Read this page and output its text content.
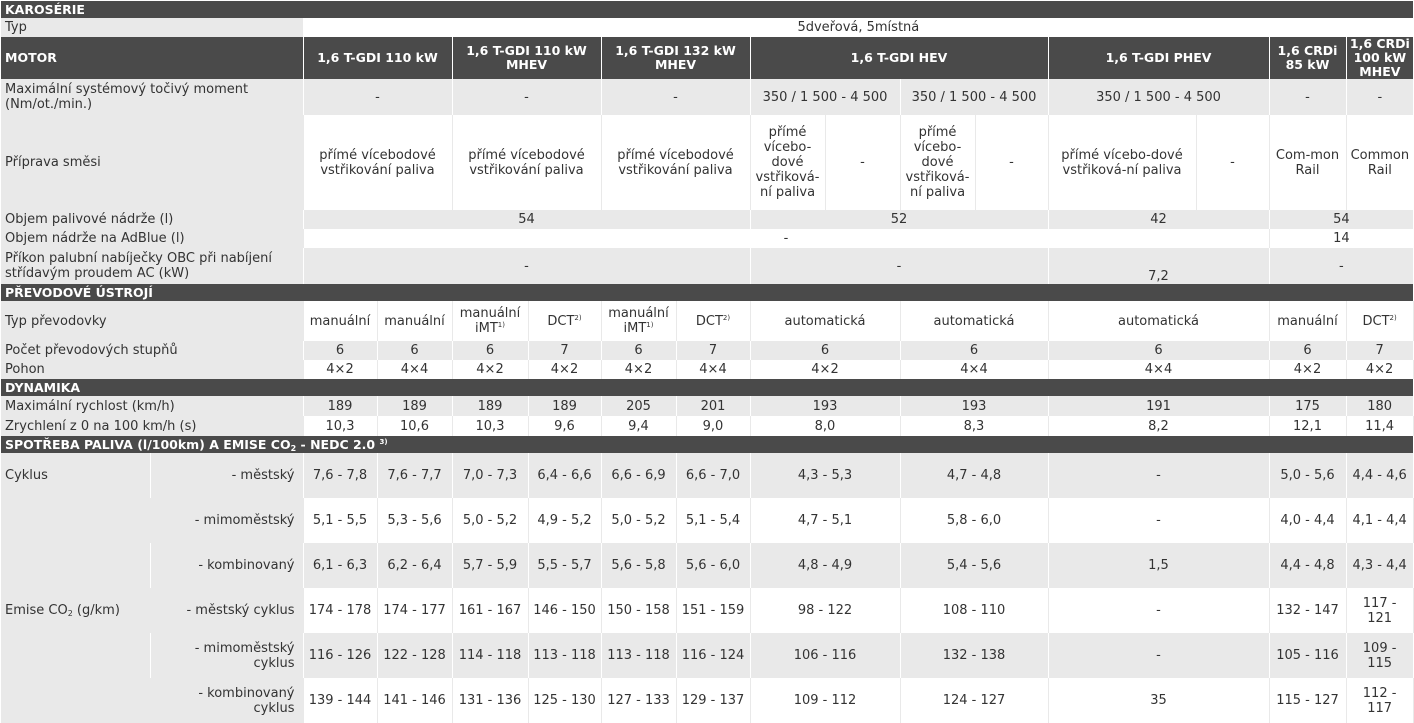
KAROSÉRIE																
Typ		5dveřová, 5místná														
MOTOR		1,6 T-GDI 110 kW		1,6 T-GDI 110 kW MHEV		1,6 T-GDI 132 kW MHEV		1,6 T-GDI HEV				1,6 T-GDI PHEV		1,6 CRDi 85 kW	1,6 CRDi 100 kW MHEV	
Maximální systémový točivý moment (Nm/ot./min.)		-		-		-		350 / 1 500 - 4 500		350 / 1 500 - 4 500		350 / 1 500 - 4 500		-	-	
Příprava směsi		přímé vícebodové vstřikování paliva		přímé vícebodové vstřikování paliva		přímé vícebodové vstřikování paliva		přímé vícebo-dové vstřiková-ní paliva	-	přímé vícebo-dové vstřiková-ní paliva	-	přímé vícebo-dové vstřiková-ní paliva	-	Com-mon Rail	Common Rail	
Objem palivové nádrže (l)		54						52				42		54		
Objem nádrže na AdBlue (l)		-												14		
Příkon palubní nabíječky OBC při nabíjení střídavým proudem AC (kW)		-						-				7,2		-		
PŘEVODOVÉ ÚSTROJÍ																
Typ převodovky		manuální	manuální	manuální iMT$^{1)}$	DCT$^{2)}$	manuální iMT$^{1)}$	DCT$^{2)}$	automatická		automatická		automatická		manuální	DCT$^{2)}$	
Počet převodových stupňů		6	6	6	7	6	7	6		6		6		6	7	
Pohon		4×2	4×4	4×2	4×2	4×2	4×4	4×2		4×4		4×4		4×2	4×2	
DYNAMIKA																
Maximální rychlost (km/h)		189	189	189	189	205	201	193		193		191		175	180	
Zrychlení z 0 na 100 km/h (s)		10,3	10,6	10,3	9,6	9,4	9,0	8,0		8,3		8,2		12,1	11,4	
SPOTŘEBA PALIVA (l/100km) A EMISE $CO_2$ - NEDC 2.0 $^{3)}$
Cyklus	- městský	7,6 - 7,8	7,6 - 7,7	7,0 - 7,3	6,4 - 6,6	6,6 - 6,9	6,6 - 7,0	4,3 - 5,3		4,7 - 4,8		-		5,0 - 5,6	4,4 - 4,6	
	- mimoměstský	5,1 - 5,5	5,3 - 5,6	5,0 - 5,2	4,9 - 5,2	5,0 - 5,2	5,1 - 5,4	4,7 - 5,1		5,8 - 6,0		-		4,0 - 4,4	4,1 - 4,4	
	- kombinovaný	6,1 - 6,3	6,2 - 6,4	5,7 - 5,9	5,5 - 5,7	5,6 - 5,8	5,6 - 6,0	4,8 - 4,9		5,4 - 5,6		1,5		4,4 - 4,8	4,3 - 4,4	
Emise $CO_2$ (g/km)	- městský cyklus	174 - 178	174 - 177	161 - 167	146 - 150	150 - 158	151 - 159	98 - 122		108 - 110		-		132 - 147	117 - 121	
	- mimoměstský cyklus	116 - 126	122 - 128	114 - 118	113 - 118	113 - 118	116 - 124	106 - 116		132 - 138		-		105 - 116	109 - 115	
	- kombinovaný cyklus	139 - 144	141 - 146	131 - 136	125 - 130	127 - 133	129 - 137	109 - 112		124 - 127		35		115 - 127	112 - 117	
